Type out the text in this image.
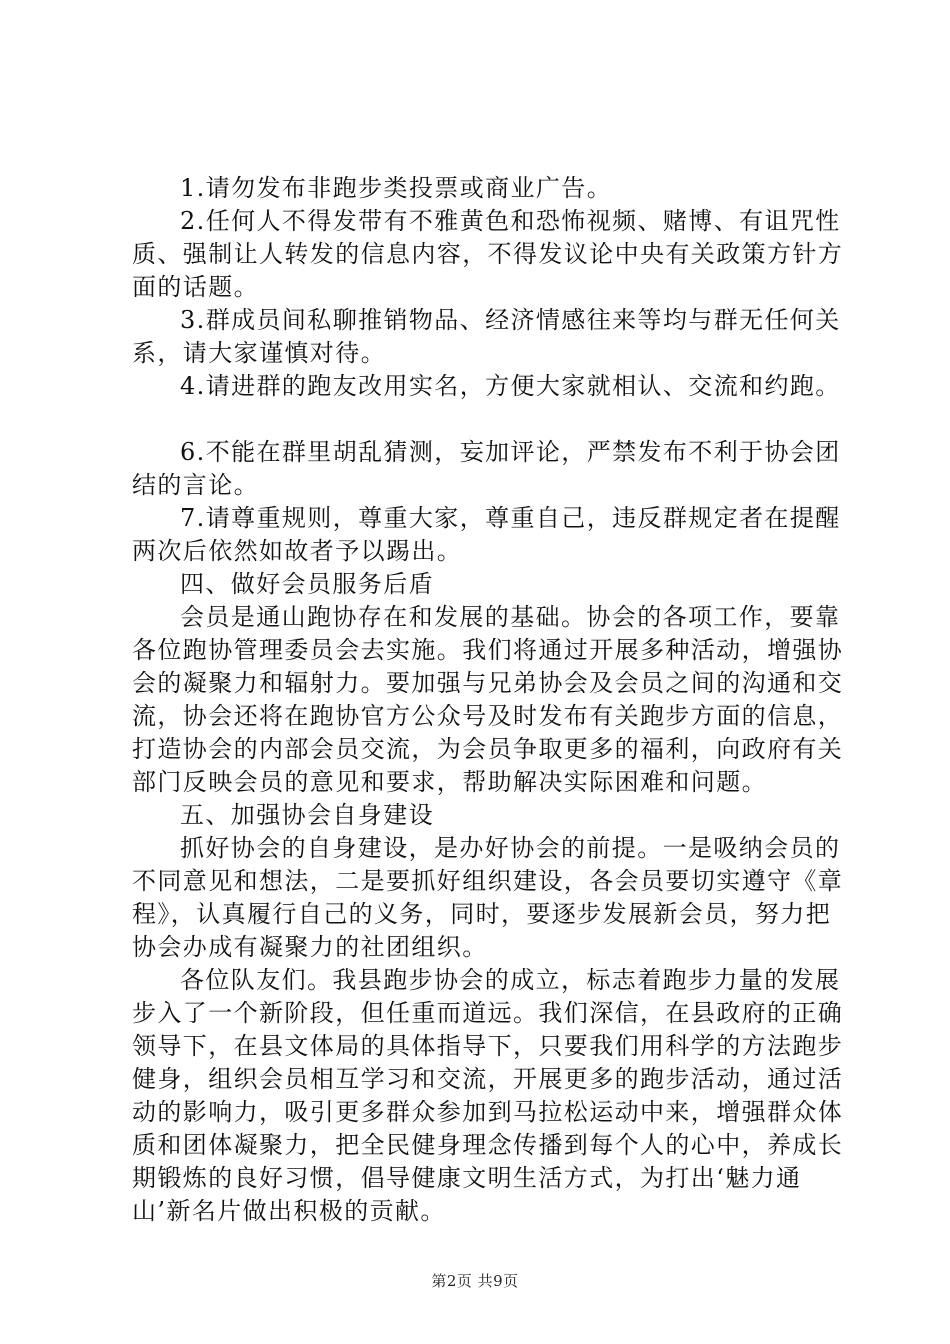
1.请勿发布非跑步类投票或商业广告。

2.任何人不得发带有不雅黄色和恐怖视频、赌博、有诅咒性质、强制让人转发的信息内容，不得发议论中央有关政策方针方面的话题。

3.群成员间私聊推销物品、经济情感往来等均与群无任何关系，请大家谨慎对待。

4.请进群的跑友改用实名，方便大家就相认、交流和约跑。

6.不能在群里胡乱猜测，妄加评论，严禁发布不利于协会团结的言论。

7.请尊重规则，尊重大家，尊重自己，违反群规定者在提醒两次后依然如故者予以踢出。

四、做好会员服务后盾

会员是通山跑协存在和发展的基础。协会的各项工作，要靠各位跑协管理委员会去实施。我们将通过开展多种活动，增强协会的凝聚力和辐射力。要加强与兄弟协会及会员之间的沟通和交流，协会还将在跑协官方公众号及时发布有关跑步方面的信息，打造协会的内部会员交流，为会员争取更多的福利，向政府有关部门反映会员的意见和要求，帮助解决实际困难和问题。

五、加强协会自身建设

抓好协会的自身建设，是办好协会的前提。一是吸纳会员的不同意见和想法，二是要抓好组织建设，各会员要切实遵守《章程》，认真履行自己的义务，同时，要逐步发展新会员，努力把协会办成有凝聚力的社团组织。

各位队友们。我县跑步协会的成立，标志着跑步力量的发展步入了一个新阶段，但任重而道远。我们深信，在县政府的正确领导下，在县文体局的具体指导下，只要我们用科学的方法跑步健身，组织会员相互学习和交流，开展更多的跑步活动，通过活动的影响力，吸引更多群众参加到马拉松运动中来，增强群众体质和团体凝聚力，把全民健身理念传播到每个人的心中，养成长期锻炼的良好习惯，倡导健康文明生活方式，为打出‘魅力通山’新名片做出积极的贡献。

第2页 共9页
